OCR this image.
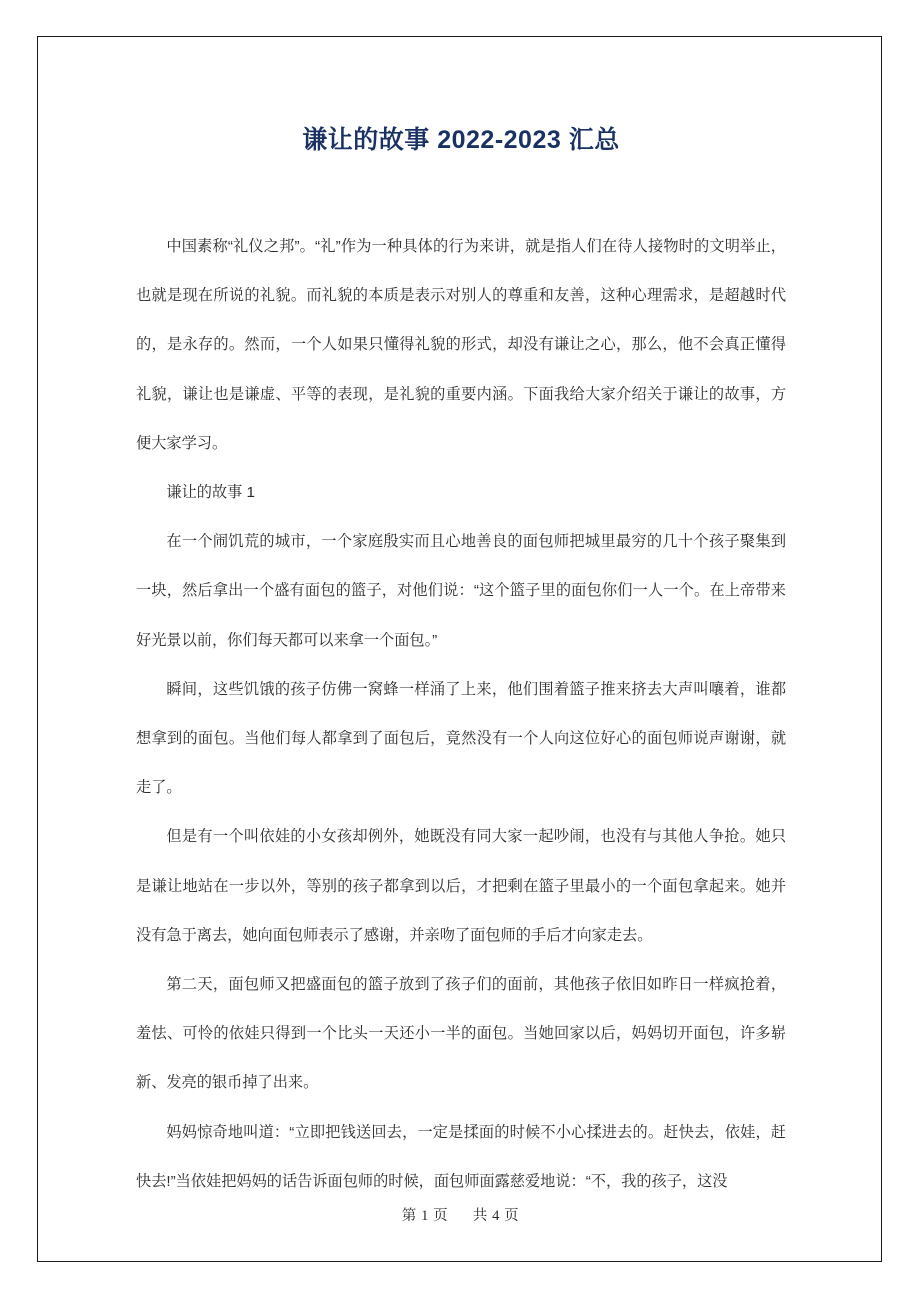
谦让的故事 2022-2023 汇总

中国素称“礼仪之邦”。“礼”作为一种具体的行为来讲，就是指人们在待人接物时的文明举止，也就是现在所说的礼貌。而礼貌的本质是表示对别人的尊重和友善，这种心理需求，是超越时代的，是永存的。然而，一个人如果只懂得礼貌的形式，却没有谦让之心，那么，他不会真正懂得礼貌，谦让也是谦虚、平等的表现，是礼貌的重要内涵。下面我给大家介绍关于谦让的故事，方便大家学习。

谦让的故事 1

在一个闹饥荒的城市，一个家庭殷实而且心地善良的面包师把城里最穷的几十个孩子聚集到一块，然后拿出一个盛有面包的篮子，对他们说：“这个篮子里的面包你们一人一个。在上帝带来好光景以前，你们每天都可以来拿一个面包。”

瞬间，这些饥饿的孩子仿佛一窝蜂一样涌了上来，他们围着篮子推来挤去大声叫嚷着，谁都想拿到的面包。当他们每人都拿到了面包后，竟然没有一个人向这位好心的面包师说声谢谢，就走了。

但是有一个叫依娃的小女孩却例外，她既没有同大家一起吵闹，也没有与其他人争抢。她只是谦让地站在一步以外，等别的孩子都拿到以后，才把剩在篮子里最小的一个面包拿起来。她并没有急于离去，她向面包师表示了感谢，并亲吻了面包师的手后才向家走去。

第二天，面包师又把盛面包的篮子放到了孩子们的面前，其他孩子依旧如昨日一样疯抢着，羞怯、可怜的依娃只得到一个比头一天还小一半的面包。当她回家以后，妈妈切开面包，许多崭新、发亮的银币掉了出来。

妈妈惊奇地叫道：“立即把钱送回去，一定是揉面的时候不小心揉进去的。赶快去，依娃，赶快去!”当依娃把妈妈的话告诉面包师的时候，面包师面露慈爱地说：“不，我的孩子，这没

第 1 页 共 4 页
